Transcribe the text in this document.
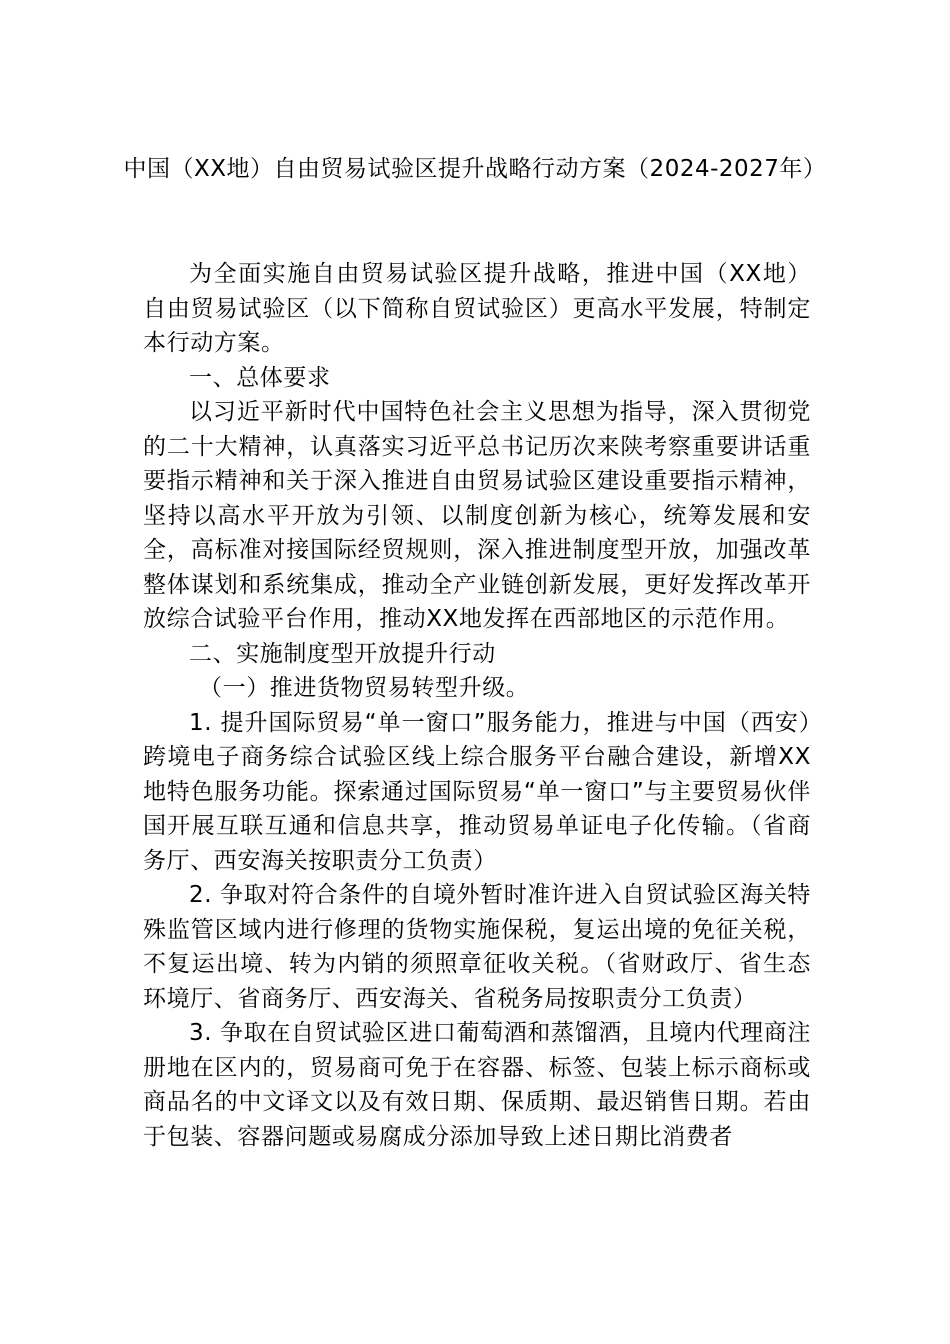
中国（XX地）自由贸易试验区提升战略行动方案（2024-2027年）

为全面实施自由贸易试验区提升战略，推进中国（XX地）自由贸易试验区（以下简称自贸试验区）更高水平发展，特制定本行动方案。

一、总体要求

以习近平新时代中国特色社会主义思想为指导，深入贯彻党的二十大精神，认真落实习近平总书记历次来陕考察重要讲话重要指示精神和关于深入推进自由贸易试验区建设重要指示精神，坚持以高水平开放为引领、以制度创新为核心，统筹发展和安全，高标准对接国际经贸规则，深入推进制度型开放，加强改革整体谋划和系统集成，推动全产业链创新发展，更好发挥改革开放综合试验平台作用，推动XX地发挥在西部地区的示范作用。

二、实施制度型开放提升行动

（一）推进货物贸易转型升级。

1. 提升国际贸易“单一窗口”服务能力，推进与中国（西安）跨境电子商务综合试验区线上综合服务平台融合建设，新增XX地特色服务功能。探索通过国际贸易“单一窗口”与主要贸易伙伴国开展互联互通和信息共享，推动贸易单证电子化传输。（省商务厅、西安海关按职责分工负责）

2. 争取对符合条件的自境外暂时准许进入自贸试验区海关特殊监管区域内进行修理的货物实施保税，复运出境的免征关税，不复运出境、转为内销的须照章征收关税。（省财政厅、省生态环境厅、省商务厅、西安海关、省税务局按职责分工负责）

3. 争取在自贸试验区进口葡萄酒和蒸馏酒，且境内代理商注册地在区内的，贸易商可免于在容器、标签、包装上标示商标或商品名的中文译文以及有效日期、保质期、最迟销售日期。若由于包装、容器问题或易腐成分添加导致上述日期比消费者
